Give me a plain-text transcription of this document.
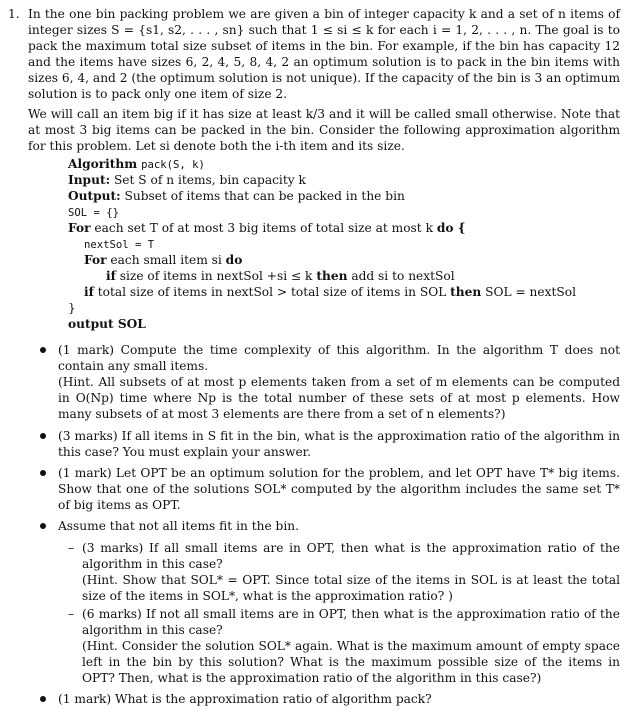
1. In the one bin packing problem we are given a bin of integer capacity k and a set of n items of integer sizes S = {s1, s2, . . . , sn} such that 1 ≤ si ≤ k for each i = 1, 2, . . . , n. The goal is to pack the maximum total size subset of items in the bin. For example, if the bin has capacity 12 and the items have sizes 6, 2, 4, 5, 8, 4, 2 an optimum solution is to pack in the bin items with sizes 6, 4, and 2 (the optimum solution is not unique). If the capacity of the bin is 3 an optimum solution is to pack only one item of size 2.
We will call an item big if it has size at least k/3 and it will be called small otherwise. Note that at most 3 big items can be packed in the bin. Consider the following approximation algorithm for this problem. Let si denote both the i-th item and its size.
Algorithm pack(S, k)
Input: Set S of n items, bin capacity k
Output: Subset of items that can be packed in the bin
SOL = {}
For each set T of at most 3 big items of total size at most k do {
nextSol = T
For each small item si do
if size of items in nextSol +si ≤ k then add si to nextSol
if total size of items in nextSol > total size of items in SOL then SOL = nextSol
}
output SOL
(1 mark) Compute the time complexity of this algorithm. In the algorithm T does not contain any small items.
(Hint. All subsets of at most p elements taken from a set of m elements can be computed in O(Np) time where Np is the total number of these sets of at most p elements. How many subsets of at most 3 elements are there from a set of n elements?)
(3 marks) If all items in S fit in the bin, what is the approximation ratio of the algorithm in this case? You must explain your answer.
(1 mark) Let OPT be an optimum solution for the problem, and let OPT have T* big items. Show that one of the solutions SOL* computed by the algorithm includes the same set T* of big items as OPT.
Assume that not all items fit in the bin.
(1 mark) What is the approximation ratio of algorithm pack?
– (3 marks) If all small items are in OPT, then what is the approximation ratio of the algorithm in this case?
(Hint. Show that SOL* = OPT. Since total size of the items in SOL is at least the total size of the items in SOL*, what is the approximation ratio? )
– (6 marks) If not all small items are in OPT, then what is the approximation ratio of the algorithm in this case?
(Hint. Consider the solution SOL* again. What is the maximum amount of empty space left in the bin by this solution? What is the maximum possible size of the items in OPT? Then, what is the approximation ratio of the algorithm in this case?)
